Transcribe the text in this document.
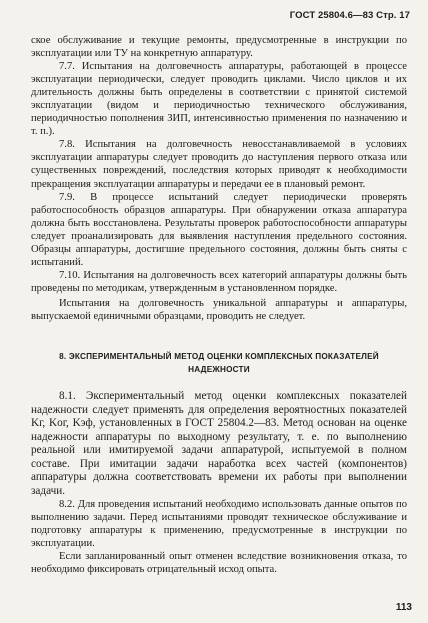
ГОСТ 25804.6—83 Стр. 17

ское обслуживание и текущие ремонты, предусмотренные в инструкции по эксплуатации или ТУ на конкретную аппаратуру.

7.7. Испытания на долговечность аппаратуры, работающей в процессе эксплуатации периодически, следует проводить циклами. Число циклов и их длительность должны быть определены в соответствии с принятой системой эксплуатации (видом и периодичностью технического обслуживания, периодичностью пополнения ЗИП, интенсивностью применения по назначению и т. п.).

7.8. Испытания на долговечность невосстанавливаемой в условиях эксплуатации аппаратуры следует проводить до наступления первого отказа или существенных повреждений, последствия которых приводят к необходимости прекращения эксплуатации аппаратуры и передачи ее в плановый ремонт.

7.9. В процессе испытаний следует периодически проверять работоспособность образцов аппаратуры. При обнаружении отказа аппаратура должна быть восстановлена. Результаты проверок работоспособности аппаратуры следует проанализировать для выявления наступления предельного состояния. Образцы аппаратуры, достигшие предельного состояния, должны быть сняты с испытаний.

7.10. Испытания на долговечность всех категорий аппаратуры должны быть проведены по методикам, утвержденным в установленном порядке.

Испытания на долговечность уникальной аппаратуры и аппаратуры, выпускаемой единичными образцами, проводить не следует.

8. ЭКСПЕРИМЕНТАЛЬНЫЙ МЕТОД ОЦЕНКИ КОМПЛЕКСНЫХ ПОКАЗАТЕЛЕЙ НАДЕЖНОСТИ

8.1. Экспериментальный метод оценки комплексных показателей надежности следует применять для определения вероятностных показателей Kг, Kог, Kэф, установленных в ГОСТ 25804.2—83. Метод основан на оценке надежности аппаратуры по выходному результату, т. е. по выполнению реальной или имитируемой задачи аппаратурой, испытуемой в полном составе. При имитации задачи наработка всех частей (компонентов) аппаратуры должна соответствовать времени их работы при выполнении задачи.

8.2. Для проведения испытаний необходимо использовать данные опытов по выполнению задачи. Перед испытаниями проводят техническое обслуживание и подготовку аппаратуры к применению, предусмотренные в инструкции по эксплуатации.

Если запланированный опыт отменен вследствие возникновения отказа, то необходимо фиксировать отрицательный исход опыта.

113
